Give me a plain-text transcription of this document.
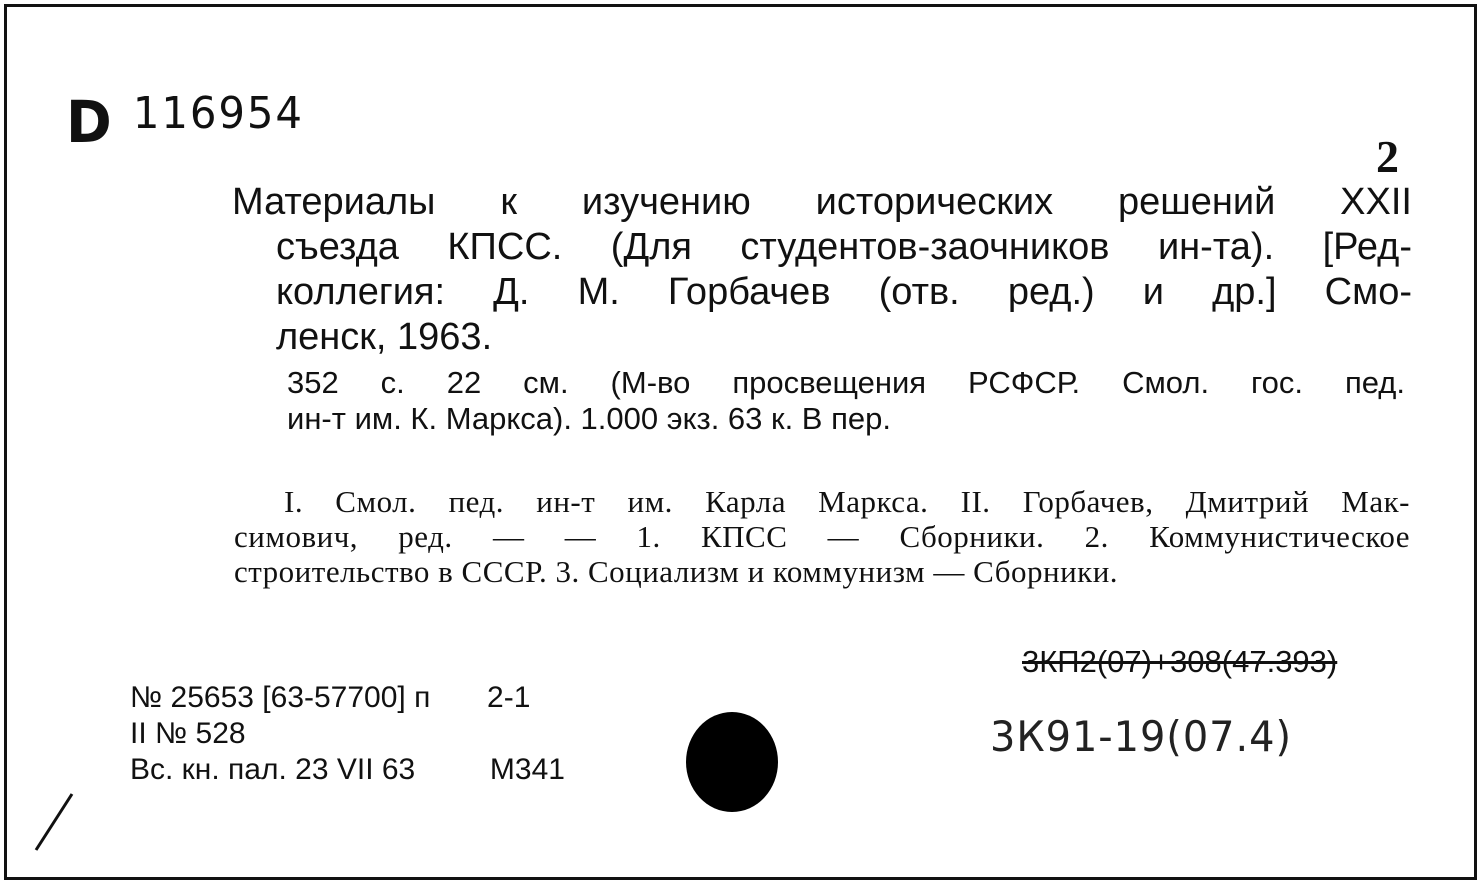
D $^{116954}$
2
Материалы к изучению исторических решений XXII
съезда КПСС. (Для студентов-заочников ин-та). [Ред-
коллегия: Д. М. Горбачев (отв. ред.) и др.] Смо-
ленск, 1963.
352 с. 22 см. (М-во просвещения РСФСР. Смол. гос. пед.
ин-т им. К. Маркса). 1.000 экз. 63 к. В пер.
I. Смол. пед. ин-т им. Карла Маркса. II. Горбачев, Дмитрий Мак-
симович, ред. — — 1. КПСС — Сборники. 2. Коммунистическое
строительство в СССР. 3. Социализм и коммунизм — Сборники.
3КП2(07)+308(47.393)
3К91-19(07.4)
№ 25653 [63-57700] п 2-1
II № 528
Вс. кн. пал. 23 VII 63 М341
